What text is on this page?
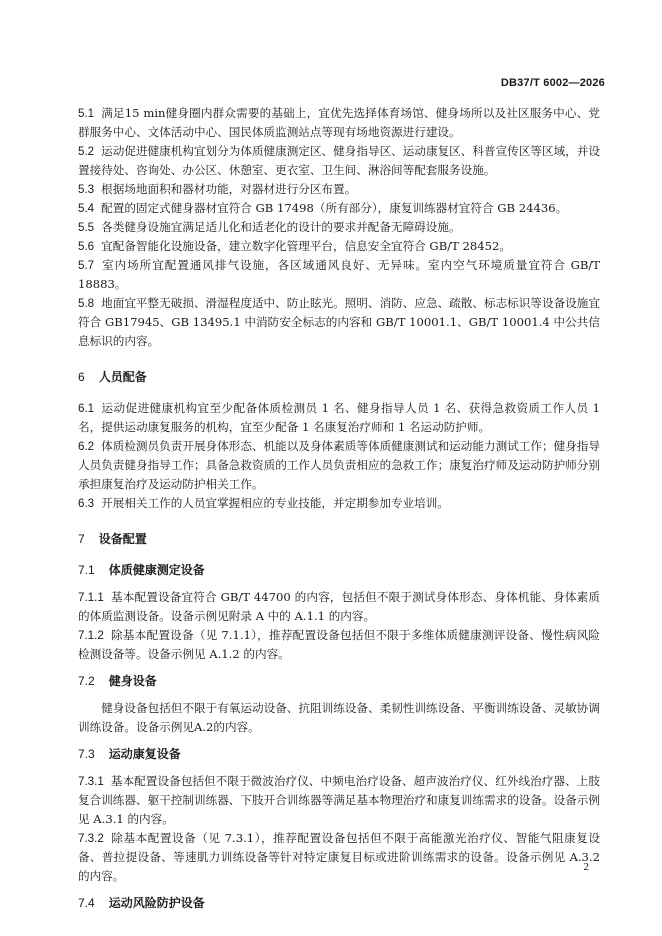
DB37/T 6002—2026

5.1 满足15 min健身圈内群众需要的基础上，宜优先选择体育场馆、健身场所以及社区服务中心、党群服务中心、文体活动中心、国民体质监测站点等现有场地资源进行建设。

5.2 运动促进健康机构宜划分为体质健康测定区、健身指导区、运动康复区、科普宣传区等区域，并设置接待处、咨询处、办公区、休憩室、更衣室、卫生间、淋浴间等配套服务设施。

5.3 根据场地面积和器材功能，对器材进行分区布置。

5.4 配置的固定式健身器材宜符合 GB 17498（所有部分），康复训练器材宜符合 GB 24436。

5.5 各类健身设施宜满足适儿化和适老化的设计的要求并配备无障碍设施。

5.6 宜配备智能化设施设备，建立数字化管理平台，信息安全宜符合 GB/T 28452。

5.7 室内场所宜配置通风排气设施，各区域通风良好、无异味。室内空气环境质量宜符合 GB/T 18883。

5.8 地面宜平整无破损、滑湿程度适中、防止眩光。照明、消防、应急、疏散、标志标识等设备设施宜符合 GB17945、GB 13495.1 中消防安全标志的内容和 GB/T 10001.1、GB/T 10001.4 中公共信息标识的内容。

6 人员配备

6.1 运动促进健康机构宜至少配备体质检测员 1 名、健身指导人员 1 名、获得急救资质工作人员 1 名，提供运动康复服务的机构，宜至少配备 1 名康复治疗师和 1 名运动防护师。

6.2 体质检测员负责开展身体形态、机能以及身体素质等体质健康测试和运动能力测试工作；健身指导人员负责健身指导工作；具备急救资质的工作人员负责相应的急救工作；康复治疗师及运动防护师分别承担康复治疗及运动防护相关工作。

6.3 开展相关工作的人员宜掌握相应的专业技能，并定期参加专业培训。

7 设备配置

7.1 体质健康测定设备

7.1.1 基本配置设备宜符合 GB/T 44700 的内容，包括但不限于测试身体形态、身体机能、身体素质的体质监测设备。设备示例见附录 A 中的 A.1.1 的内容。

7.1.2 除基本配置设备（见 7.1.1），推荐配置设备包括但不限于多维体质健康测评设备、慢性病风险检测设备等。设备示例见 A.1.2 的内容。

7.2 健身设备

健身设备包括但不限于有氧运动设备、抗阻训练设备、柔韧性训练设备、平衡训练设备、灵敏协调训练设备。设备示例见A.2的内容。

7.3 运动康复设备

7.3.1 基本配置设备包括但不限于微波治疗仪、中频电治疗设备、超声波治疗仪、红外线治疗器、上肢复合训练器、躯干控制训练器、下肢开合训练器等满足基本物理治疗和康复训练需求的设备。设备示例见 A.3.1 的内容。

7.3.2 除基本配置设备（见 7.3.1），推荐配置设备包括但不限于高能激光治疗仪、智能气阻康复设备、普拉提设备、等速肌力训练设备等针对特定康复目标或进阶训练需求的设备。设备示例见 A.3.2 的内容。

7.4 运动风险防护设备

2
